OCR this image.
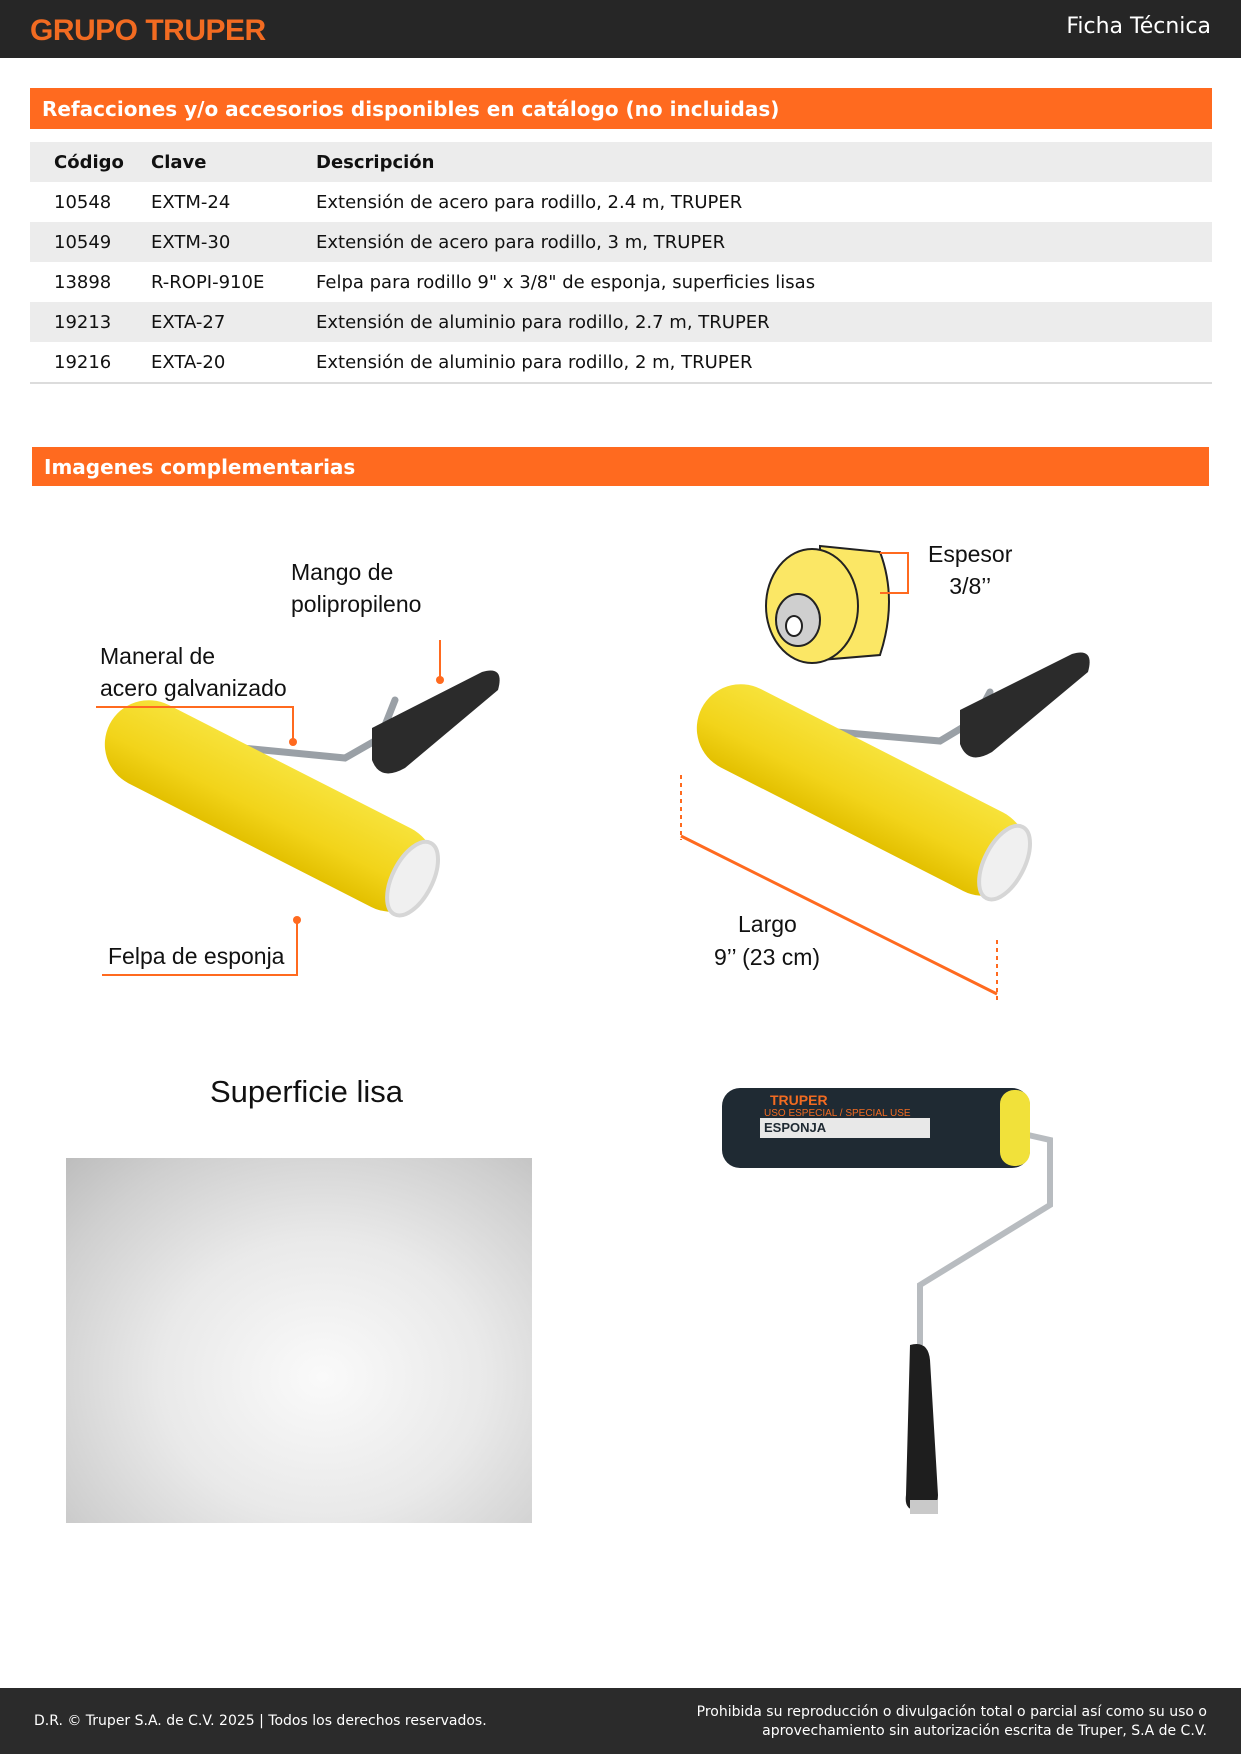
GRUPO TRUPER	Ficha Técnica
Refacciones y/o accesorios disponibles en catálogo (no incluidas)
Código	Clave	Descripción
10548	EXTM-24	Extensión de acero para rodillo, 2.4 m, TRUPER
10549	EXTM-30	Extensión de acero para rodillo, 3 m, TRUPER
13898	R-ROPI-910E	Felpa para rodillo 9" x 3/8" de esponja, superficies lisas
19213	EXTA-27	Extensión de aluminio para rodillo, 2.7 m, TRUPER
19216	EXTA-20	Extensión de aluminio para rodillo, 2 m, TRUPER
Imagenes complementarias
Mango de
polipropileno
Maneral de
acero galvanizado
Felpa de esponja
Espesor
3/8’’
Largo
9’’ (23 cm)
Superficie lisa	TRUPER
USO ESPECIAL / SPECIAL USE
ESPONJA
D.R. © Truper S.A. de C.V. 2025 | Todos los derechos reservados.
Prohibida su reproducción o divulgación total o parcial así como su uso o aprovechamiento sin autorización escrita de Truper, S.A de C.V.
